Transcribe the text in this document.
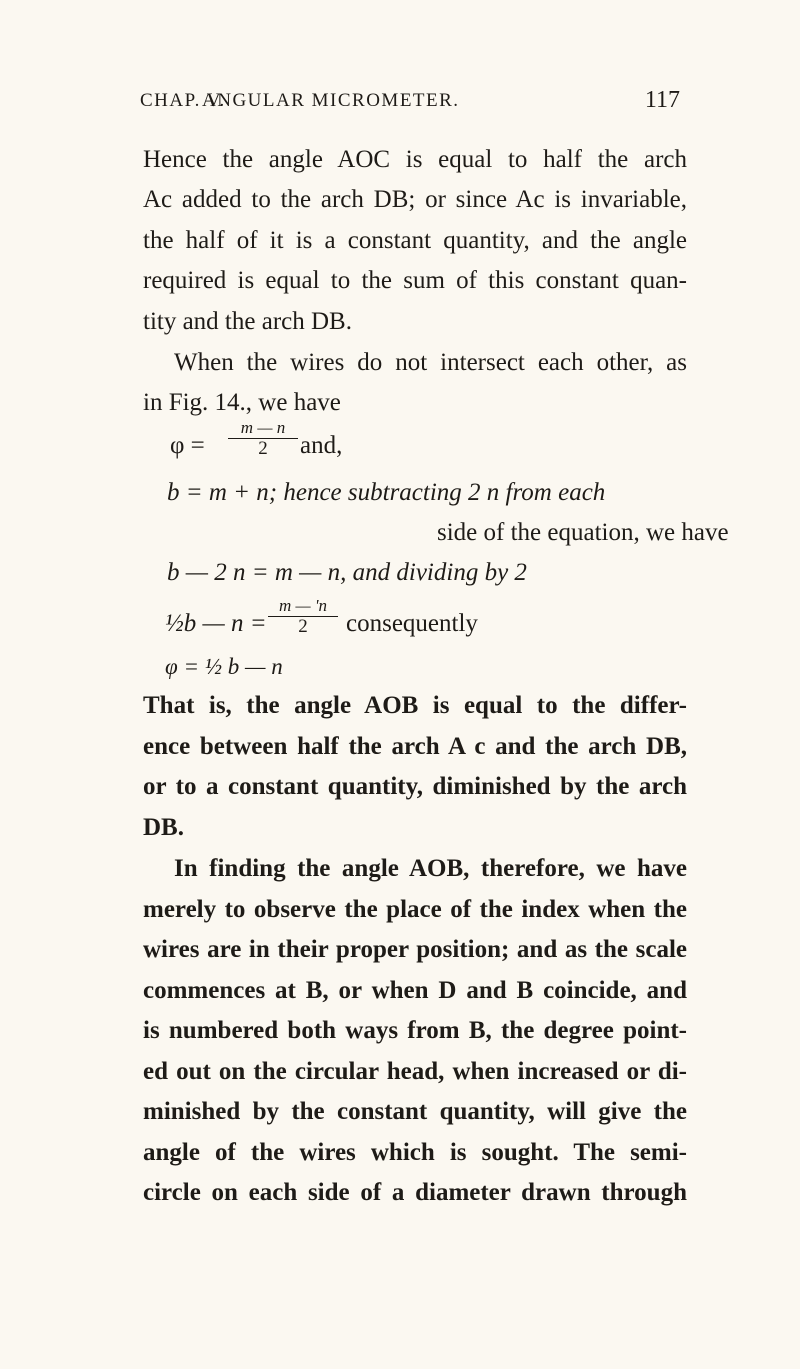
CHAP. V.
ANGULAR MICROMETER.	117
Hence the angle AOC is equal to half the arch
Ac added to the arch DB; or since Ac is invariable,
the half of it is a constant quantity, and the angle
required is equal to the sum of this constant quan-
tity and the arch DB.
When the wires do not intersect each other, as
in Fig. 14., we have
$\varphi = \frac{m — n}{2}$ and,
b = m + n; hence subtracting 2 n from each
side of the equation, we have
b — 2 n = m — n, and dividing by 2
½b — $n = \frac{m — 'n}{2}$ consequently
φ = ½ b — n
That is, the angle AOB is equal to the differ-
ence between half the arch A c and the arch DB,
or to a constant quantity, diminished by the arch
DB.
In finding the angle AOB, therefore, we have
merely to observe the place of the index when the
wires are in their proper position; and as the scale
commences at B, or when D and B coincide, and
is numbered both ways from B, the degree point-
ed out on the circular head, when increased or di-
minished by the constant quantity, will give the
angle of the wires which is sought. The semi-
circle on each side of a diameter drawn through
